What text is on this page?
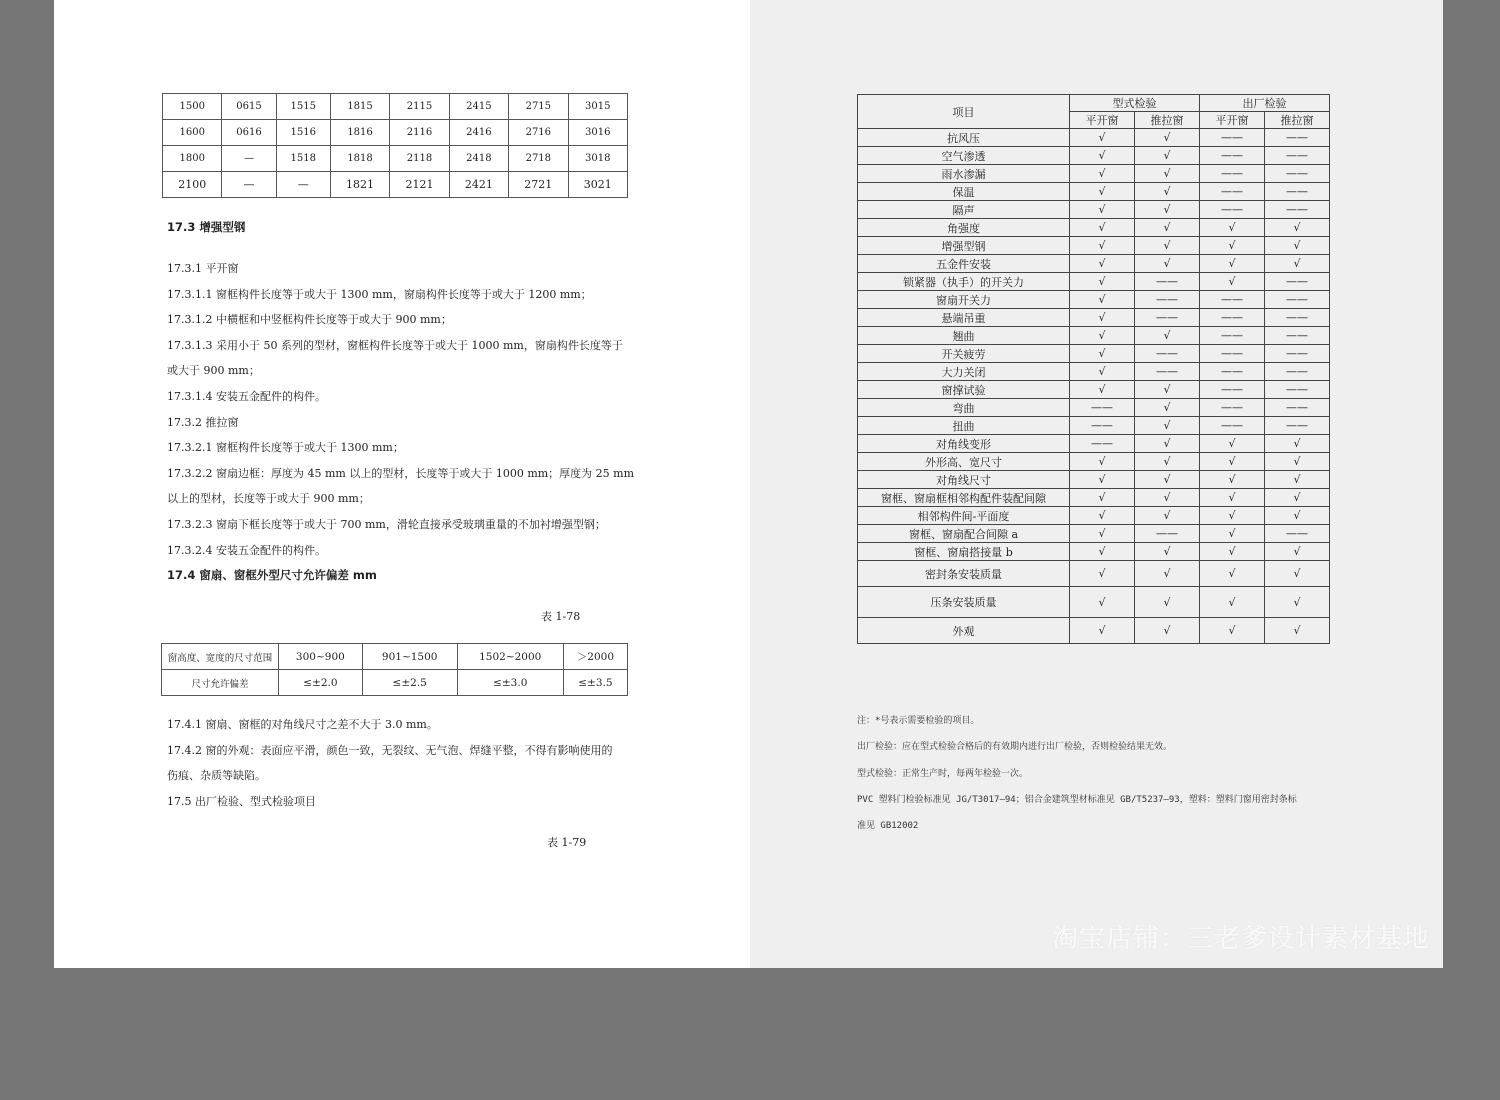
1500	0615	1515	1815	2115	2415	2715	3015
1600	0616	1516	1816	2116	2416	2716	3016
1800	—	1518	1818	2118	2418	2718	3018
2100	—	—	1821	2121	2421	2721	3021
17.3 增强型钢
17.3.1 平开窗
17.3.1.1 窗框构件长度等于或大于 1300 mm，窗扇构件长度等于或大于 1200 mm；
17.3.1.2 中横框和中竖框构件长度等于或大于 900 mm；
17.3.1.3 采用小于 50 系列的型材，窗框构件长度等于或大于 1000 mm，窗扇构件长度等于
或大于 900 mm；
17.3.1.4 安装五金配件的构件。
17.3.2 推拉窗
17.3.2.1 窗框构件长度等于或大于 1300 mm；
17.3.2.2 窗扇边框：厚度为 45 mm 以上的型材，长度等于或大于 1000 mm；厚度为 25 mm
以上的型材，长度等于或大于 900 mm；
17.3.2.3 窗扇下框长度等于或大于 700 mm，滑轮直接承受玻璃重量的不加衬增强型钢；
17.3.2.4 安装五金配件的构件。
17.4 窗扇、窗框外型尺寸允许偏差 mm
表 1-78
窗高度、宽度的尺寸范围	300~900	901~1500	1502~2000	＞2000
尺寸允许偏差	≤±2.0	≤±2.5	≤±3.0	≤±3.5
17.4.1 窗扇、窗框的对角线尺寸之差不大于 3.0 mm。
17.4.2 窗的外观：表面应平滑，颜色一致，无裂纹、无气泡、焊缝平整，不得有影响使用的
伤痕、杂质等缺陷。
17.5 出厂检验、型式检验项目
表 1-79
三老爹
项目	型式检验		出厂检验	
	平开窗	推拉窗	平开窗	推拉窗
抗风压	√	√	——	——
空气渗透	√	√	——	——
雨水渗漏	√	√	——	——
保温	√	√	——	——
隔声	√	√	——	——
角强度	√	√	√	√
增强型钢	√	√	√	√
五金件安装	√	√	√	√
锁紧器（执手）的开关力	√	——	√	——
窗扇开关力	√	——	——	——
悬端吊重	√	——	——	——
翘曲	√	√	——	——
开关疲劳	√	——	——	——
大力关闭	√	——	——	——
窗撑试验	√	√	——	——
弯曲	——	√	——	——
扭曲	——	√	——	——
对角线变形	——	√	√	√
外形高、宽尺寸	√	√	√	√
对角线尺寸	√	√	√	√
窗框、窗扇框相邻构配件装配间隙	√	√	√	√
相邻构件间-平面度	√	√	√	√
窗框、窗扇配合间隙 a	√	——	√	——
窗框、窗扇搭接量 b	√	√	√	√
密封条安装质量	√	√	√	√
压条安装质量	√	√	√	√
外观	√	√	√	√
注：*号表示需要检验的项目。
出厂检验：应在型式检验合格后的有效期内进行出厂检验，否则检验结果无效。
型式检验：正常生产时，每两年检验一次。
PVC 塑料门检验标准见 JG/T3017—94；铝合金建筑型材标准见 GB/T5237—93，塑料：塑料门窗用密封条标
准见 GB12002
淘宝店铺：三老爹设计素材基地
